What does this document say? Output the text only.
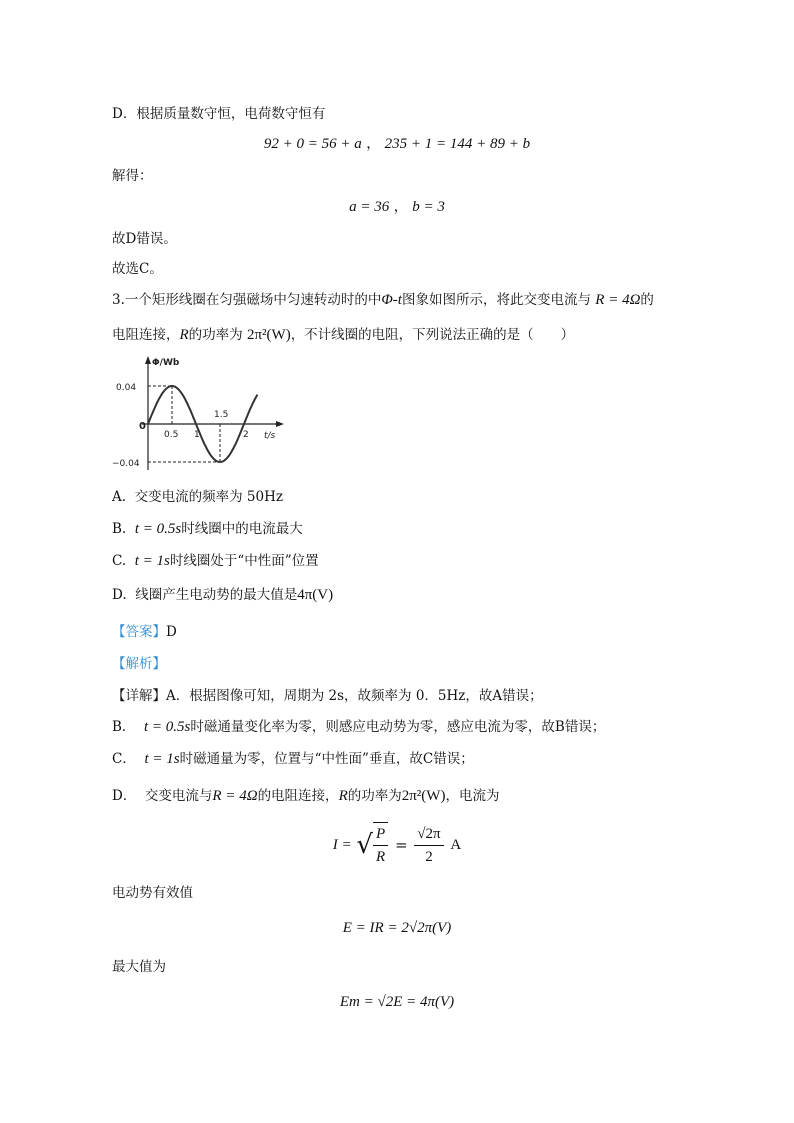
D．根据质量数守恒，电荷数守恒有
92 + 0 = 56 + a ， 235 + 1 = 144 + 89 + b
解得：
a = 36 ， b = 3
故D错误。
故选C。
3.一个矩形线圈在匀强磁场中匀速转动时的中Φ-t图象如图所示，将此交变电流与 R = 4Ω的
电阻连接，R的功率为 2π²(W)，不计线圈的电阻，下列说法正确的是（　　）
Φ/Wb
0.04
−0.04
0
0.5 1
1.5
2 t/s
A. 交变电流的频率为 50Hz
B. t = 0.5s时线圈中的电流最大
C. t = 1s时线圈处于“中性面”位置
D. 线圈产生电动势的最大值是4π(V)
【答案】D
【解析】
【详解】A．根据图像可知，周期为 2s，故频率为 0．5Hz，故A错误；
B． t = 0.5s时磁通量变化率为零，则感应电动势为零，感应电流为零，故B错误；
C． t = 1s时磁通量为零，位置与“中性面”垂直，故C错误；
D． 交变电流与R = 4Ω的电阻连接，R的功率为2π²(W)，电流为
I = √ $\frac{P}{R} = \frac{√2\pi}{2}$ A
电动势有效值
E = IR = 2√2π(V)
最大值为
Em = √2E = 4π(V)
